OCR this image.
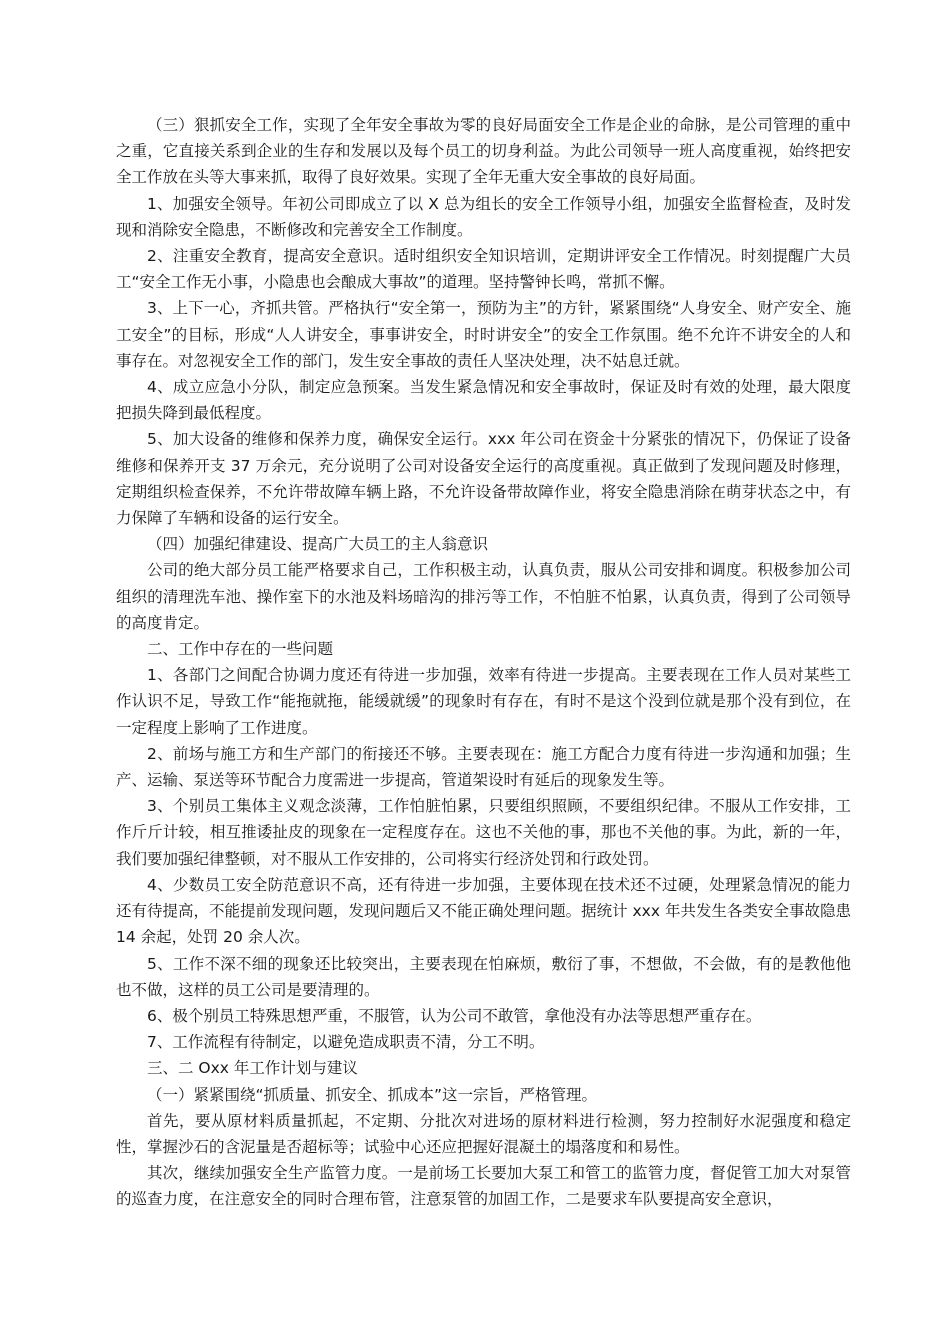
（三）狠抓安全工作，实现了全年安全事故为零的良好局面安全工作是企业的命脉，是公司管理的重中之重，它直接关系到企业的生存和发展以及每个员工的切身利益。为此公司领导一班人高度重视，始终把安全工作放在头等大事来抓，取得了良好效果。实现了全年无重大安全事故的良好局面。

1、加强安全领导。年初公司即成立了以 X 总为组长的安全工作领导小组，加强安全监督检查，及时发现和消除安全隐患，不断修改和完善安全工作制度。

2、注重安全教育，提高安全意识。适时组织安全知识培训，定期讲评安全工作情况。时刻提醒广大员工“安全工作无小事，小隐患也会酿成大事故”的道理。坚持警钟长鸣，常抓不懈。

3、上下一心，齐抓共管。严格执行“安全第一，预防为主”的方针，紧紧围绕“人身安全、财产安全、施工安全”的目标，形成“人人讲安全，事事讲安全，时时讲安全”的安全工作氛围。绝不允许不讲安全的人和事存在。对忽视安全工作的部门，发生安全事故的责任人坚决处理，决不姑息迁就。

4、成立应急小分队，制定应急预案。当发生紧急情况和安全事故时，保证及时有效的处理，最大限度把损失降到最低程度。

5、加大设备的维修和保养力度，确保安全运行。xxx 年公司在资金十分紧张的情况下，仍保证了设备维修和保养开支 37 万余元，充分说明了公司对设备安全运行的高度重视。真正做到了发现问题及时修理，定期组织检查保养，不允许带故障车辆上路，不允许设备带故障作业，将安全隐患消除在萌芽状态之中，有力保障了车辆和设备的运行安全。

（四）加强纪律建设、提高广大员工的主人翁意识

公司的绝大部分员工能严格要求自己，工作积极主动，认真负责，服从公司安排和调度。积极参加公司组织的清理洗车池、操作室下的水池及料场暗沟的排污等工作，不怕脏不怕累，认真负责，得到了公司领导的高度肯定。

二、工作中存在的一些问题

1、各部门之间配合协调力度还有待进一步加强，效率有待进一步提高。主要表现在工作人员对某些工作认识不足，导致工作“能拖就拖，能缓就缓”的现象时有存在，有时不是这个没到位就是那个没有到位，在一定程度上影响了工作进度。

2、前场与施工方和生产部门的衔接还不够。主要表现在：施工方配合力度有待进一步沟通和加强；生产、运输、泵送等环节配合力度需进一步提高，管道架设时有延后的现象发生等。

3、个别员工集体主义观念淡薄，工作怕脏怕累，只要组织照顾，不要组织纪律。不服从工作安排，工作斤斤计较，相互推诿扯皮的现象在一定程度存在。这也不关他的事，那也不关他的事。为此，新的一年，我们要加强纪律整顿，对不服从工作安排的，公司将实行经济处罚和行政处罚。

4、少数员工安全防范意识不高，还有待进一步加强，主要体现在技术还不过硬，处理紧急情况的能力还有待提高，不能提前发现问题，发现问题后又不能正确处理问题。据统计 xxx 年共发生各类安全事故隐患 14 余起，处罚 20 余人次。

5、工作不深不细的现象还比较突出，主要表现在怕麻烦，敷衍了事，不想做，不会做，有的是教他他也不做，这样的员工公司是要清理的。

6、极个别员工特殊思想严重，不服管，认为公司不敢管，拿他没有办法等思想严重存在。

7、工作流程有待制定，以避免造成职责不清，分工不明。

三、二 Oxx 年工作计划与建议

（一）紧紧围绕“抓质量、抓安全、抓成本”这一宗旨，严格管理。

首先，要从原材料质量抓起，不定期、分批次对进场的原材料进行检测，努力控制好水泥强度和稳定性，掌握沙石的含泥量是否超标等；试验中心还应把握好混凝土的塌落度和和易性。

其次，继续加强安全生产监管力度。一是前场工长要加大泵工和管工的监管力度，督促管工加大对泵管的巡查力度，在注意安全的同时合理布管，注意泵管的加固工作，二是要求车队要提高安全意识，
